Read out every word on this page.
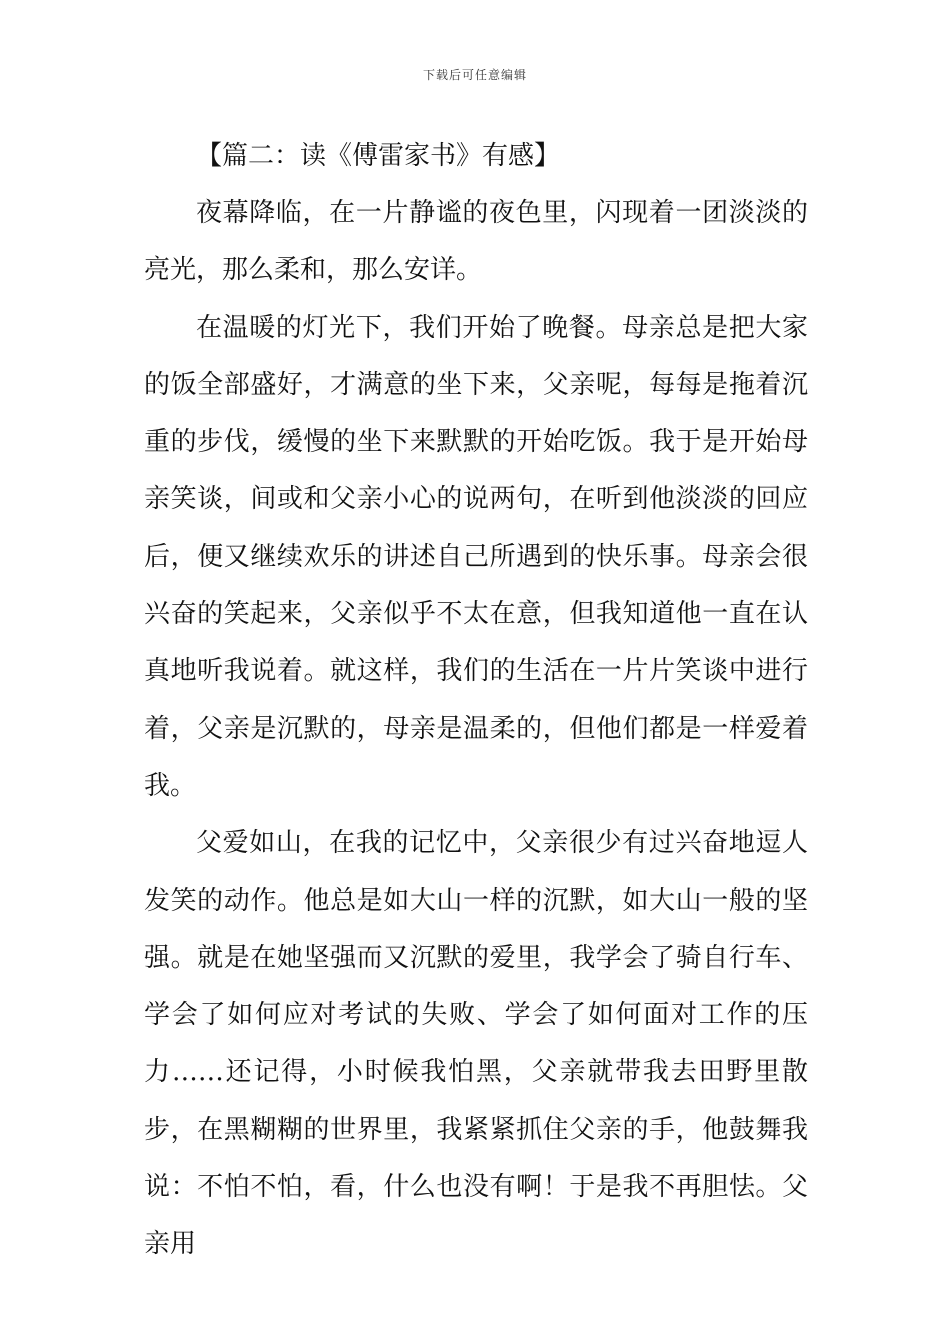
下载后可任意编辑
【篇二：读《傅雷家书》有感】

夜幕降临，在一片静谧的夜色里，闪现着一团淡淡的亮光，那么柔和，那么安详。

在温暖的灯光下，我们开始了晚餐。母亲总是把大家的饭全部盛好，才满意的坐下来，父亲呢，每每是拖着沉重的步伐，缓慢的坐下来默默的开始吃饭。我于是开始母亲笑谈，间或和父亲小心的说两句，在听到他淡淡的回应后，便又继续欢乐的讲述自己所遇到的快乐事。母亲会很兴奋的笑起来，父亲似乎不太在意，但我知道他一直在认真地听我说着。就这样，我们的生活在一片片笑谈中进行着，父亲是沉默的，母亲是温柔的，但他们都是一样爱着我。

父爱如山，在我的记忆中，父亲很少有过兴奋地逗人发笑的动作。他总是如大山一样的沉默，如大山一般的坚强。就是在她坚强而又沉默的爱里，我学会了骑自行车、学会了如何应对考试的失败、学会了如何面对工作的压力……还记得，小时候我怕黑，父亲就带我去田野里散步，在黑糊糊的世界里，我紧紧抓住父亲的手，他鼓舞我说：不怕不怕，看，什么也没有啊！于是我不再胆怯。父亲用
